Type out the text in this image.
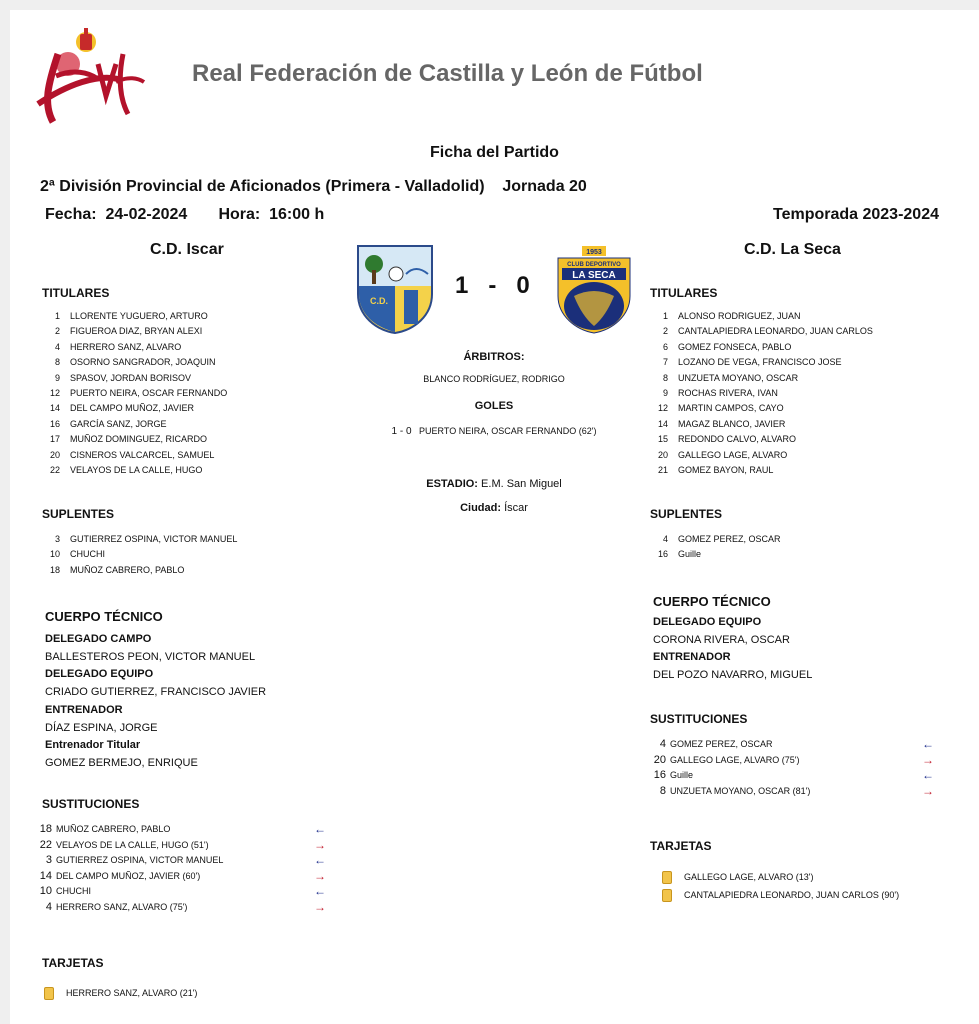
Real Federación de Castilla y León de Fútbol
Ficha del Partido
2ª División Provincial de Aficionados (Primera - Valladolid) Jornada 20
Fecha: 24-02-2024 Hora: 16:00 h	Temporada 2023-2024
C.D. Iscar	C.D. La Seca
C.D.
1 - 0
1953
CLUB DEPORTIVO
LA SECA
TITULARES
1 LLORENTE YUGUERO, ARTURO
2 FIGUEROA DIAZ, BRYAN ALEXI
4 HERRERO SANZ, ALVARO
8 OSORNO SANGRADOR, JOAQUIN
9 SPASOV, JORDAN BORISOV
12 PUERTO NEIRA, OSCAR FERNANDO
14 DEL CAMPO MUÑOZ, JAVIER
16 GARCÍA SANZ, JORGE
17 MUÑOZ DOMINGUEZ, RICARDO
20 CISNEROS VALCARCEL, SAMUEL
22 VELAYOS DE LA CALLE, HUGO
TITULARES
1 ALONSO RODRIGUEZ, JUAN
2 CANTALAPIEDRA LEONARDO, JUAN CARLOS
6 GOMEZ FONSECA, PABLO
7 LOZANO DE VEGA, FRANCISCO JOSE
8 UNZUETA MOYANO, OSCAR
9 ROCHAS RIVERA, IVAN
12 MARTIN CAMPOS, CAYO
14 MAGAZ BLANCO, JAVIER
15 REDONDO CALVO, ALVARO
20 GALLEGO LAGE, ALVARO
21 GOMEZ BAYON, RAUL
ÁRBITROS:
BLANCO RODRÍGUEZ, RODRIGO
GOLES
1 - 0 PUERTO NEIRA, OSCAR FERNANDO (62')
ESTADIO: E.M. San Miguel
Ciudad: Íscar
SUPLENTES
3 GUTIERREZ OSPINA, VICTOR MANUEL
10 CHUCHI
18 MUÑOZ CABRERO, PABLO
SUPLENTES
4 GOMEZ PEREZ, OSCAR
16 Guille
CUERPO TÉCNICO
DELEGADO CAMPO
BALLESTEROS PEON, VICTOR MANUEL
DELEGADO EQUIPO
CRIADO GUTIERREZ, FRANCISCO JAVIER
ENTRENADOR
DÍAZ ESPINA, JORGE
Entrenador Titular
GOMEZ BERMEJO, ENRIQUE
CUERPO TÉCNICO
DELEGADO EQUIPO
CORONA RIVERA, OSCAR
ENTRENADOR
DEL POZO NAVARRO, MIGUEL
SUSTITUCIONES
18 MUÑOZ CABRERO, PABLO	←
22 VELAYOS DE LA CALLE, HUGO (51')	→
3 GUTIERREZ OSPINA, VICTOR MANUEL	←
14 DEL CAMPO MUÑOZ, JAVIER (60')	→
10 CHUCHI	←
4 HERRERO SANZ, ALVARO (75')	→
SUSTITUCIONES
4 GOMEZ PEREZ, OSCAR	←
20 GALLEGO LAGE, ALVARO (75')	→
16 Guille	←
8 UNZUETA MOYANO, OSCAR (81')	→
TARJETAS
HERRERO SANZ, ALVARO (21')
TARJETAS
GALLEGO LAGE, ALVARO (13')
CANTALAPIEDRA LEONARDO, JUAN CARLOS (90')
